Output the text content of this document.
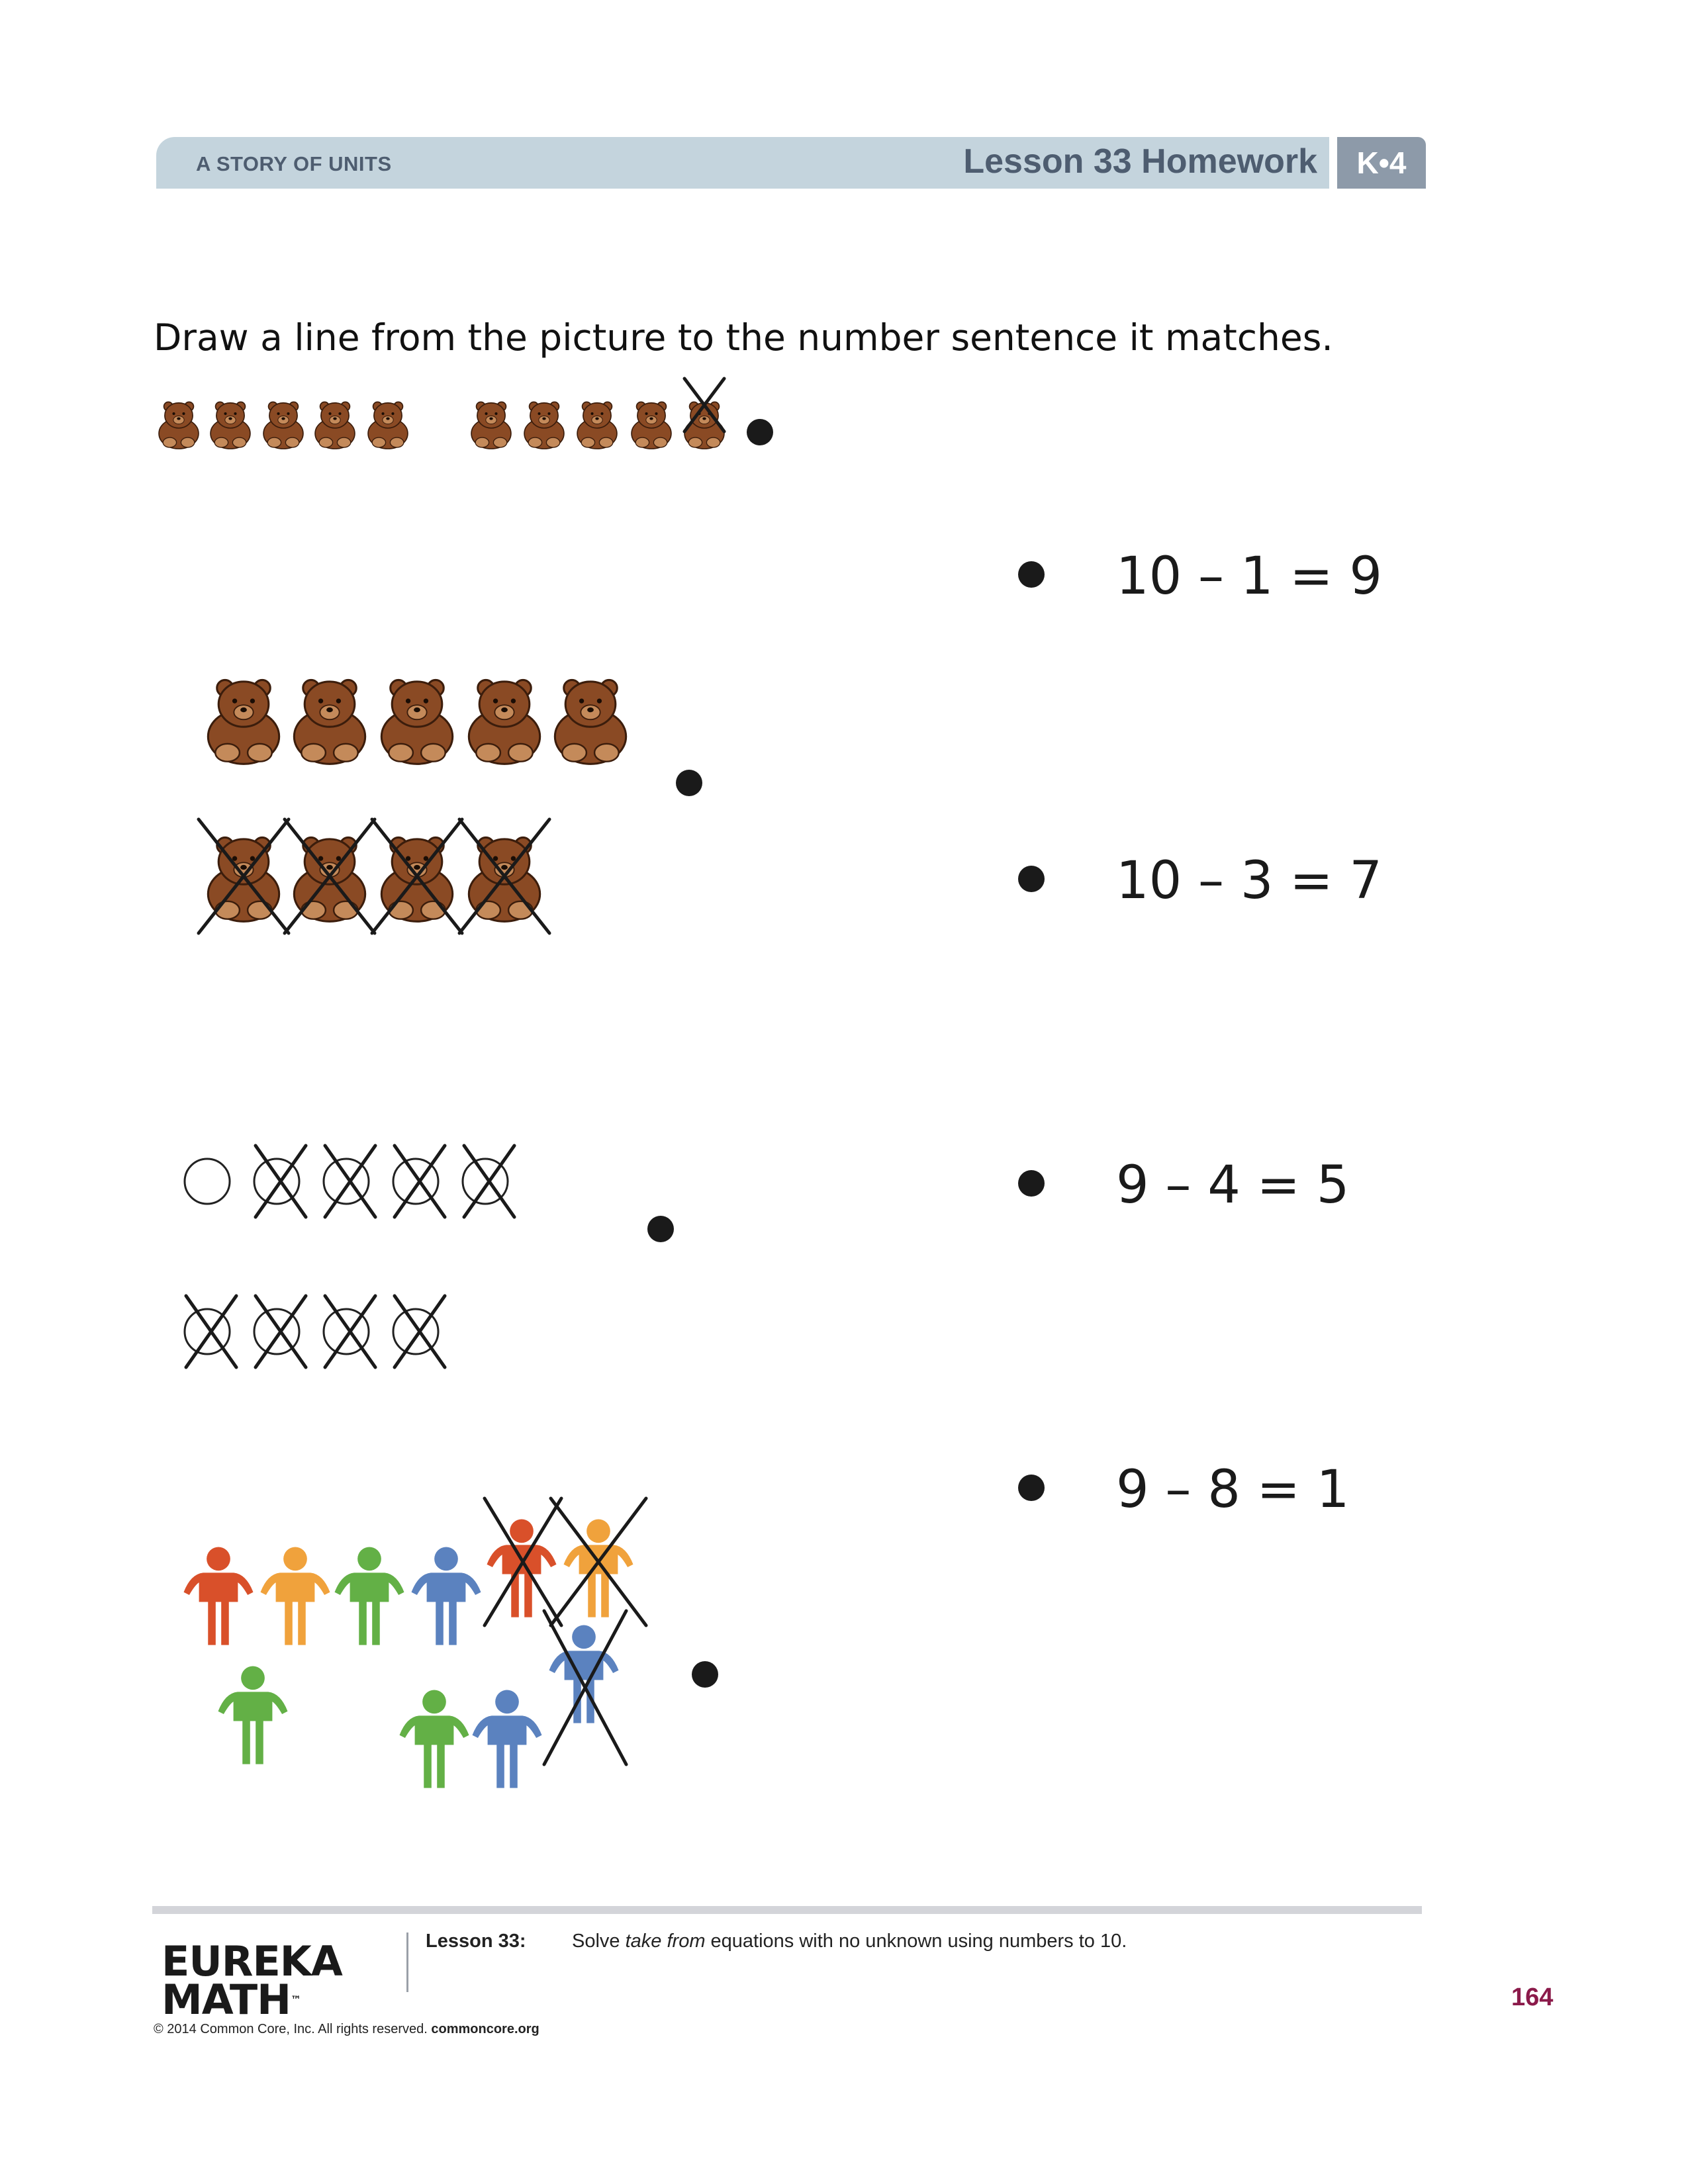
A STORY OF UNITS	Lesson 33 Homework	K•4
Draw a line from the picture to the number sentence it matches.
10 – 1 = 9
10 – 3 = 7
9 – 4 = 5
9 – 8 = 1
EUREKA
MATH™
Lesson 33: Solve take from equations with no unknown using numbers to 10.
© 2014 Common Core, Inc. All rights reserved. commoncore.org
164
